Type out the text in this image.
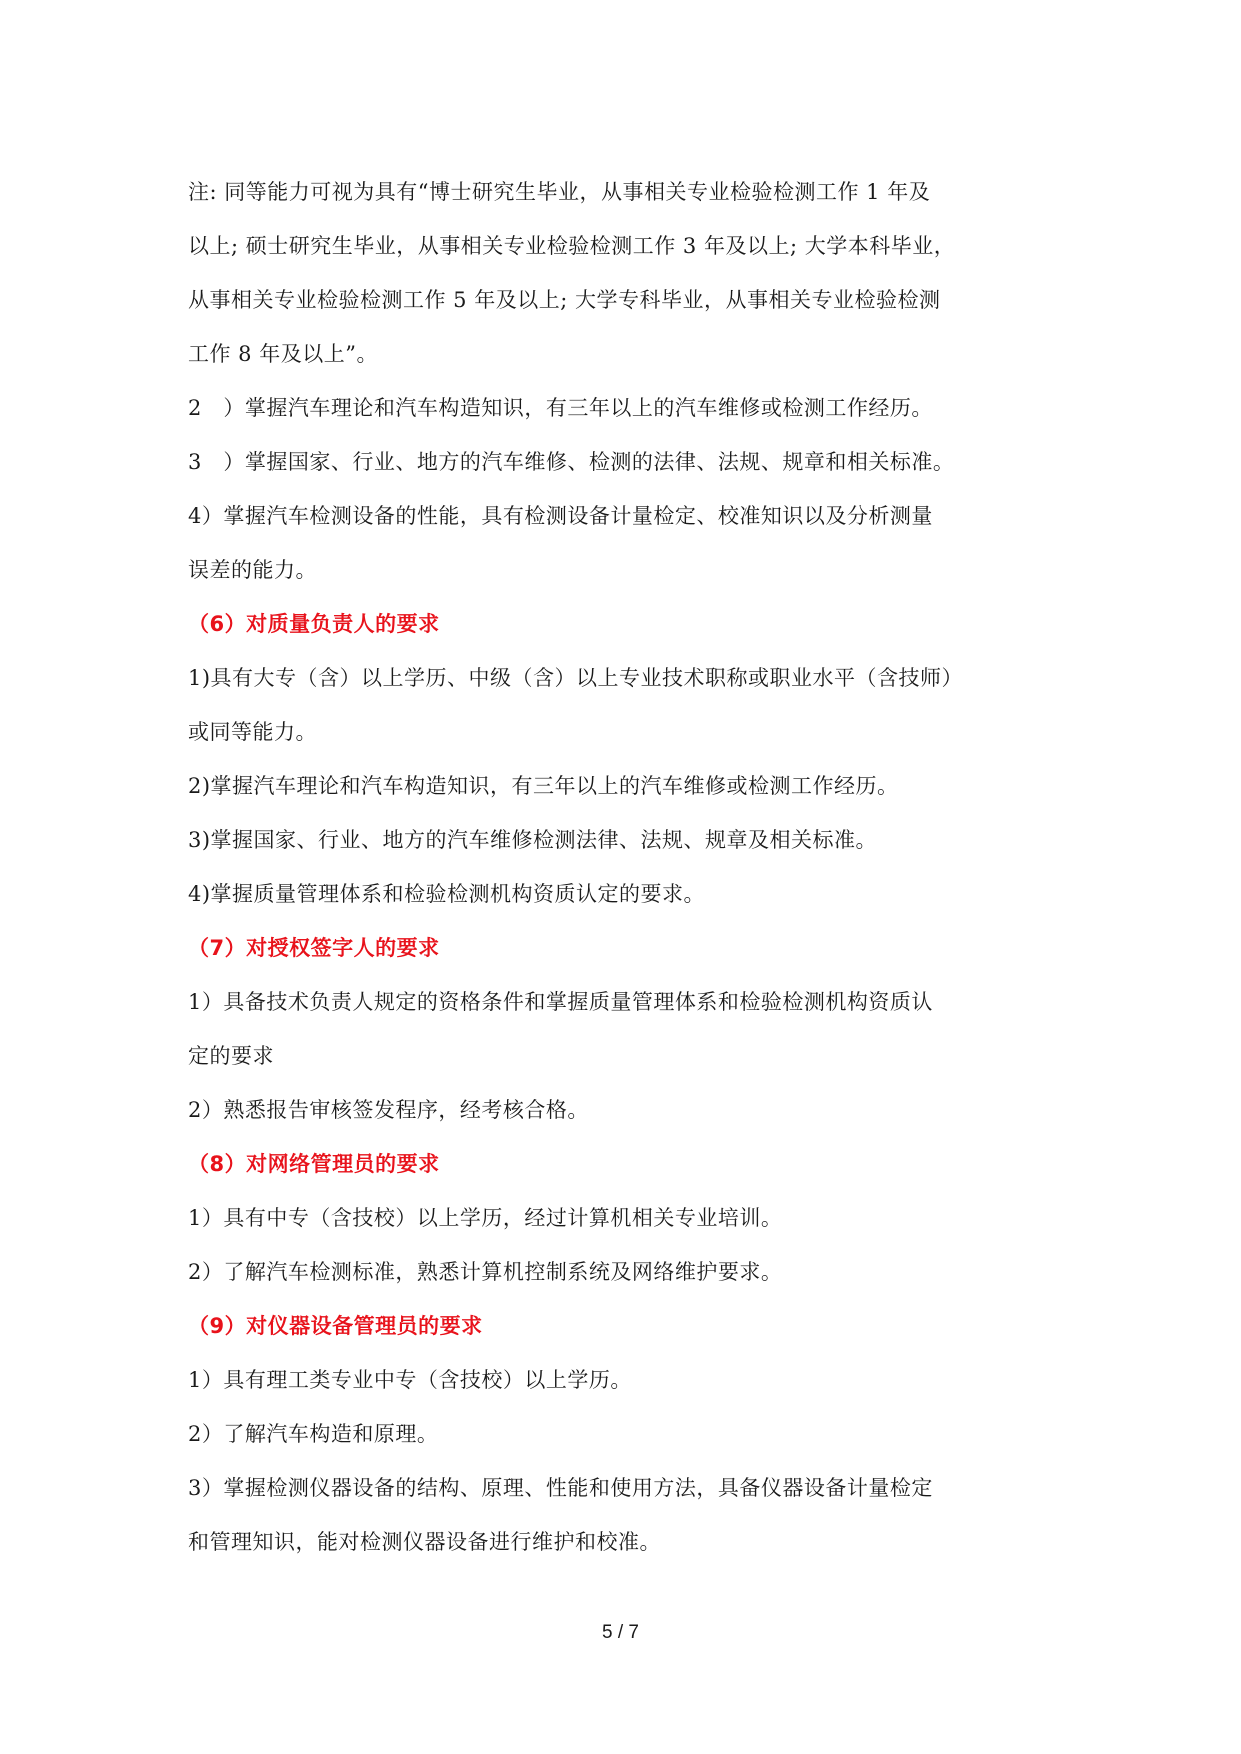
注: 同等能力可视为具有“博士研究生毕业，从事相关专业检验检测工作 1 年及
以上; 硕士研究生毕业，从事相关专业检验检测工作 3 年及以上; 大学本科毕业，
从事相关专业检验检测工作 5 年及以上; 大学专科毕业，从事相关专业检验检测
工作 8 年及以上”。
2　）掌握汽车理论和汽车构造知识，有三年以上的汽车维修或检测工作经历。
3　）掌握国家、行业、地方的汽车维修、检测的法律、法规、规章和相关标准。
4）掌握汽车检测设备的性能，具有检测设备计量检定、校准知识以及分析测量
误差的能力。
（6）对质量负责人的要求
1)具有大专（含）以上学历、中级（含）以上专业技术职称或职业水平（含技师）
或同等能力。
2)掌握汽车理论和汽车构造知识，有三年以上的汽车维修或检测工作经历。
3)掌握国家、行业、地方的汽车维修检测法律、法规、规章及相关标准。
4)掌握质量管理体系和检验检测机构资质认定的要求。
（7）对授权签字人的要求
1）具备技术负责人规定的资格条件和掌握质量管理体系和检验检测机构资质认
定的要求
2）熟悉报告审核签发程序，经考核合格。
（8）对网络管理员的要求
1）具有中专（含技校）以上学历，经过计算机相关专业培训。
2）了解汽车检测标准，熟悉计算机控制系统及网络维护要求。
（9）对仪器设备管理员的要求
1）具有理工类专业中专（含技校）以上学历。
2）了解汽车构造和原理。
3）掌握检测仪器设备的结构、原理、性能和使用方法，具备仪器设备计量检定
和管理知识，能对检测仪器设备进行维护和校准。
5 / 7
